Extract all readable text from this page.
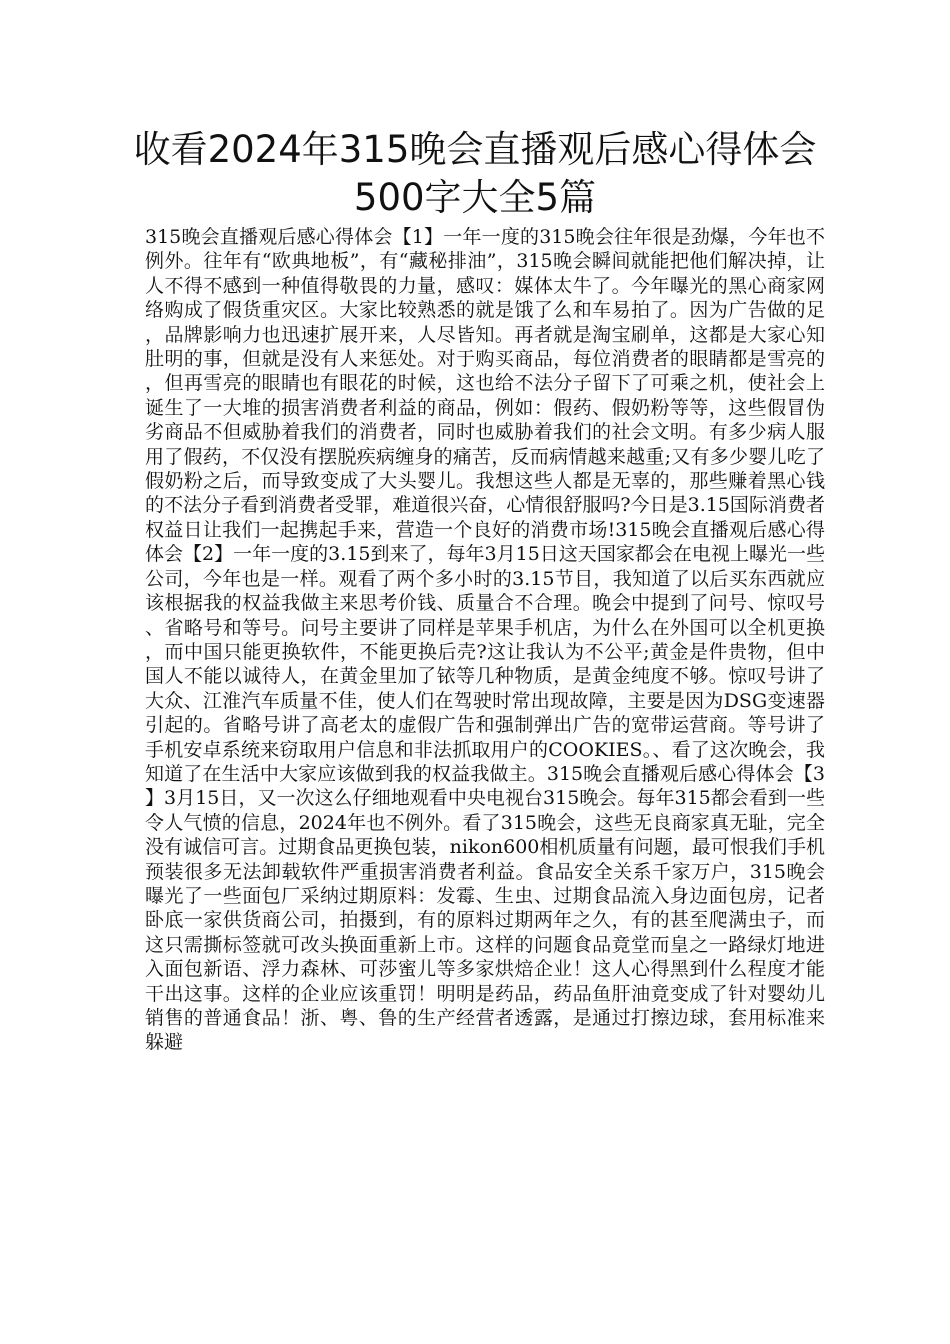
收看2024年315晚会直播观后感心得体会500字大全5篇

315晚会直播观后感心得体会【1】一年一度的315晚会往年很是劲爆，今年也不例外。往年有“欧典地板”，有“藏秘排油”，315晚会瞬间就能把他们解决掉，让人不得不感到一种值得敬畏的力量，感叹：媒体太牛了。今年曝光的黑心商家网络购成了假货重灾区。大家比较熟悉的就是饿了么和车易拍了。因为广告做的足，品牌影响力也迅速扩展开来，人尽皆知。再者就是淘宝刷单，这都是大家心知肚明的事，但就是没有人来惩处。对于购买商品，每位消费者的眼睛都是雪亮的，但再雪亮的眼睛也有眼花的时候，这也给不法分子留下了可乘之机，使社会上诞生了一大堆的损害消费者利益的商品，例如：假药、假奶粉等等，这些假冒伪劣商品不但威胁着我们的消费者，同时也威胁着我们的社会文明。有多少病人服用了假药，不仅没有摆脱疾病缠身的痛苦，反而病情越来越重;又有多少婴儿吃了假奶粉之后，而导致变成了大头婴儿。我想这些人都是无辜的，那些赚着黑心钱的不法分子看到消费者受罪，难道很兴奋，心情很舒服吗?今日是3.15国际消费者权益日让我们一起携起手来，营造一个良好的消费市场!315晚会直播观后感心得体会【2】一年一度的3.15到来了，每年3月15日这天国家都会在电视上曝光一些公司，今年也是一样。观看了两个多小时的3.15节目，我知道了以后买东西就应该根据我的权益我做主来思考价钱、质量合不合理。晚会中提到了问号、惊叹号、省略号和等号。问号主要讲了同样是苹果手机店，为什么在外国可以全机更换，而中国只能更换软件，不能更换后壳?这让我认为不公平;黄金是件贵物，但中国人不能以诚待人，在黄金里加了铱等几种物质，是黄金纯度不够。惊叹号讲了大众、江淮汽车质量不佳，使人们在驾驶时常出现故障，主要是因为DSG变速器引起的。省略号讲了高老太的虚假广告和强制弹出广告的宽带运营商。等号讲了手机安卓系统来窃取用户信息和非法抓取用户的COOKIES。、看了这次晚会，我知道了在生活中大家应该做到我的权益我做主。315晚会直播观后感心得体会【3】3月15日，又一次这么仔细地观看中央电视台315晚会。每年315都会看到一些令人气愤的信息，2024年也不例外。看了315晚会，这些无良商家真无耻，完全没有诚信可言。过期食品更换包装，nikon600相机质量有问题，最可恨我们手机预装很多无法卸载软件严重损害消费者利益。食品安全关系千家万户，315晚会曝光了一些面包厂采纳过期原料：发霉、生虫、过期食品流入身边面包房，记者卧底一家供货商公司，拍摄到，有的原料过期两年之久，有的甚至爬满虫子，而这只需撕标签就可改头换面重新上市。这样的问题食品竟堂而皇之一路绿灯地进入面包新语、浮力森林、可莎蜜儿等多家烘焙企业！这人心得黑到什么程度才能干出这事。这样的企业应该重罚！明明是药品，药品鱼肝油竟变成了针对婴幼儿销售的普通食品！浙、粤、鲁的生产经营者透露，是通过打擦边球，套用标准来躲避
